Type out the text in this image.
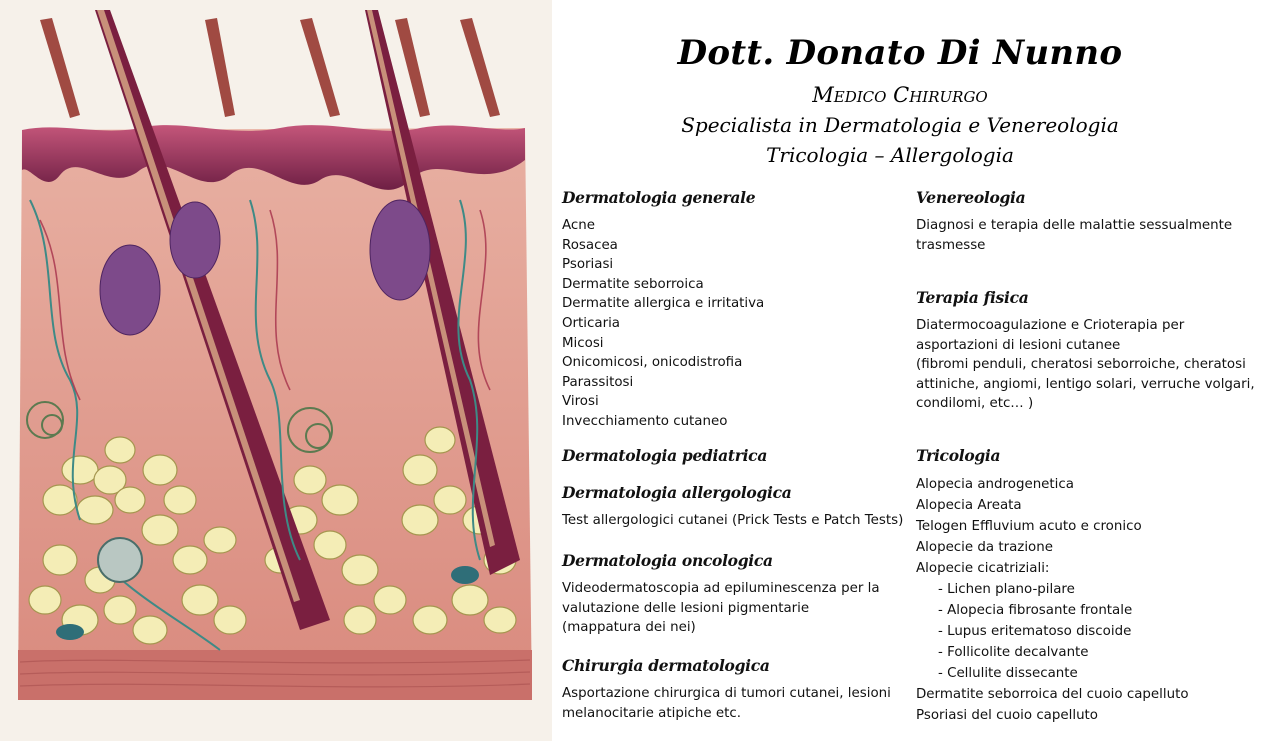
Dott. Donato Di Nunno

Medico Chirurgo

Specialista in Dermatologia e Venereologia

Tricologia – Allergologia

Dermatologia generale

Acne

Rosacea

Psoriasi

Dermatite seborroica

Dermatite allergica e irritativa

Orticaria

Micosi

Onicomicosi, onicodistrofia

Parassitosi

Virosi

Invecchiamento cutaneo

Dermatologia pediatrica

Dermatologia allergologica

Test allergologici cutanei (Prick Tests e Patch Tests)

Dermatologia oncologica

Videodermatoscopia ad epiluminescenza per la

valutazione delle lesioni pigmentarie

(mappatura dei nei)

Chirurgia dermatologica

Asportazione chirurgica di tumori cutanei, lesioni

melanocitarie atipiche etc.

Venereologia

Diagnosi e terapia delle malattie sessualmente

trasmesse

Terapia fisica

Diatermocoagulazione e Crioterapia per

asportazioni di lesioni cutanee

(fibromi penduli, cheratosi seborroiche, cheratosi

attiniche, angiomi, lentigo solari, verruche volgari,

condilomi, etc… )

Tricologia

Alopecia androgenetica

Alopecia Areata

Telogen Effluvium acuto e cronico

Alopecie da trazione

Alopecie cicatriziali:

- Lichen plano-pilare

- Alopecia fibrosante frontale

- Lupus eritematoso discoide

- Follicolite decalvante

- Cellulite dissecante

Dermatite seborroica del cuoio capelluto

Psoriasi del cuoio capelluto
